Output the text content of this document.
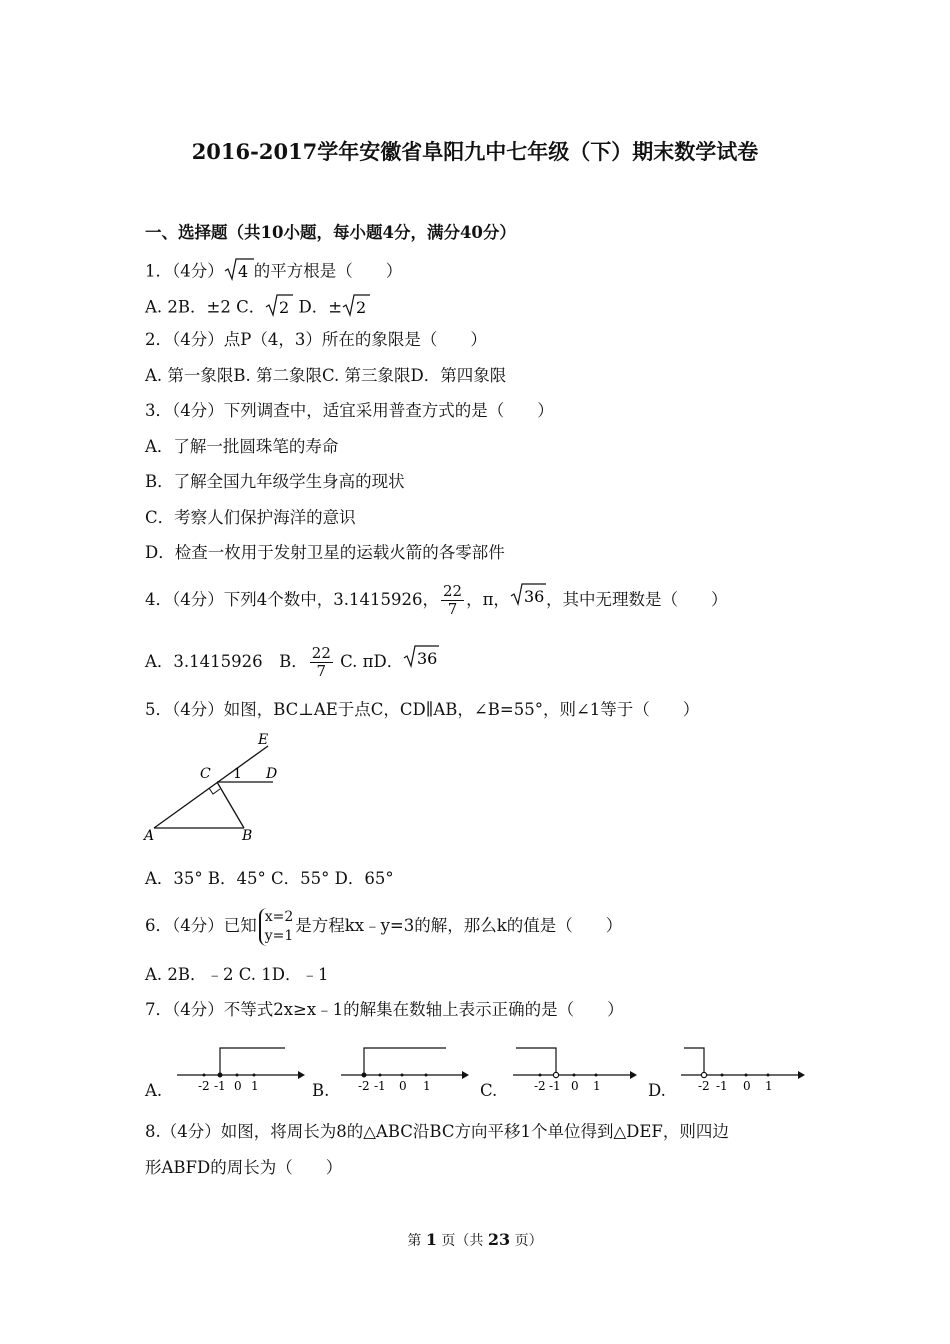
2016-2017学年安徽省阜阳九中七年级（下）期末数学试卷
一、选择题（共10小题，每小题4分，满分40分）
1．（4分） 4 的平方根是（　　）
A. 2B．±2 C． 2 D．± 2
2．（4分）点P（4，3）所在的象限是（　　）
A. 第一象限B. 第二象限C. 第三象限D．第四象限
3．（4分）下列调查中，适宜采用普查方式的是（　　）
A．了解一批圆珠笔的寿命
B．了解全国九年级学生身高的现状
C．考察人们保护海洋的意识
D．检查一枚用于发射卫星的运载火箭的各零部件
4．（4分）下列4个数中，3.1415926， $\frac{22}{7}$ ，π， 36 ，其中无理数是（　　）
A．3.1415926　B． $\frac{22}{7} C$. πD． 36
5．（4分）如图，BC⊥AE于点C，CD∥AB，∠B=55°，则∠1等于（　　）
E
C 1 D
A	B
A．35° B．45° C．55° D．65°
6．（4分）已知 x=2
y=1
是方程kx﹣y=3的解，那么k的值是（　　）
A. 2B．﹣2 C. 1D．﹣1
7．（4分）不等式2x≥x﹣1的解集在数轴上表示正确的是（　　）
A.	-2 -1 0 1	B. -2 -1 0 1	C.	-2 -1 0 1	D.	-2 -1 0 1
8.（4分）如图，将周长为8的△ABC沿BC方向平移1个单位得到△DEF，则四边
形ABFD的周长为（　　）
第 1 页（共 23 页）
